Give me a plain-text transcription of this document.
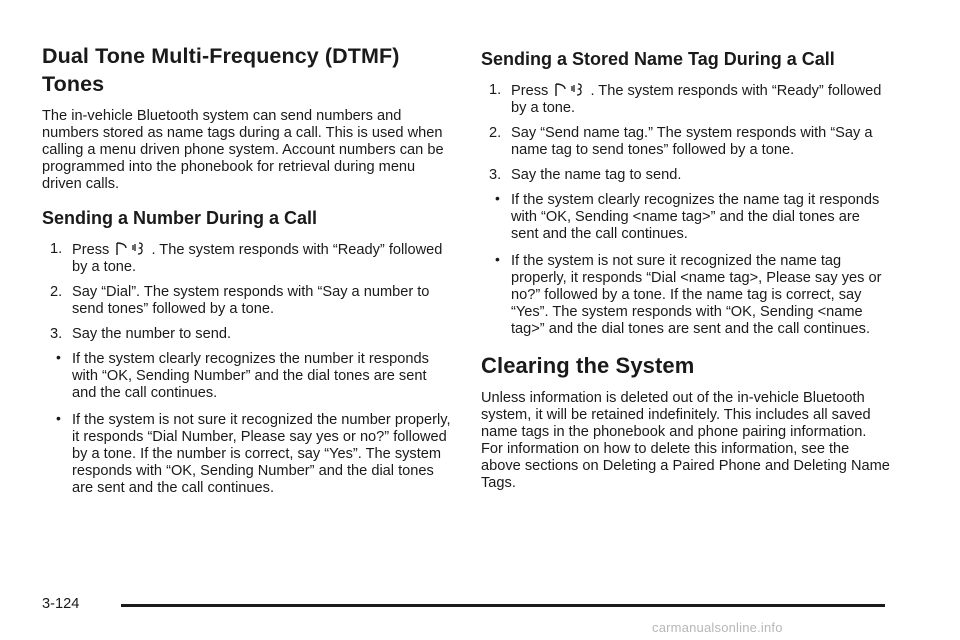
Dual Tone Multi-Frequency (DTMF) Tones

The in-vehicle Bluetooth system can send numbers and numbers stored as name tags during a call. This is used when calling a menu driven phone system. Account numbers can be programmed into the phonebook for retrieval during menu driven calls.

Sending a Number During a Call
1. Press	. The system responds with “Ready” followed by a tone.
2. Say “Dial”. The system responds with “Say a number to send tones” followed by a tone.
3. Say the number to send.
• If the system clearly recognizes the number it responds with “OK, Sending Number” and the dial tones are sent and the call continues.
• If the system is not sure it recognized the number properly, it responds “Dial Number, Please say yes or no?” followed by a tone. If the number is correct, say “Yes”. The system responds with “OK, Sending Number” and the dial tones are sent and the call continues.
Sending a Stored Name Tag During a Call
1. Press	. The system responds with “Ready” followed by a tone.
2. Say “Send name tag.” The system responds with “Say a name tag to send tones” followed by a tone.
3. Say the name tag to send.
• If the system clearly recognizes the name tag it responds with “OK, Sending <name tag>” and the dial tones are sent and the call continues.
• If the system is not sure it recognized the name tag properly, it responds “Dial <name tag>, Please say yes or no?” followed by a tone. If the name tag is correct, say “Yes”. The system responds with “OK, Sending <name tag>” and the dial tones are sent and the call continues.
Clearing the System

Unless information is deleted out of the in-vehicle Bluetooth system, it will be retained indefinitely. This includes all saved name tags in the phonebook and phone pairing information. For information on how to delete this information, see the above sections on Deleting a Paired Phone and Deleting Name Tags.

3-124
carmanualsonline.info
